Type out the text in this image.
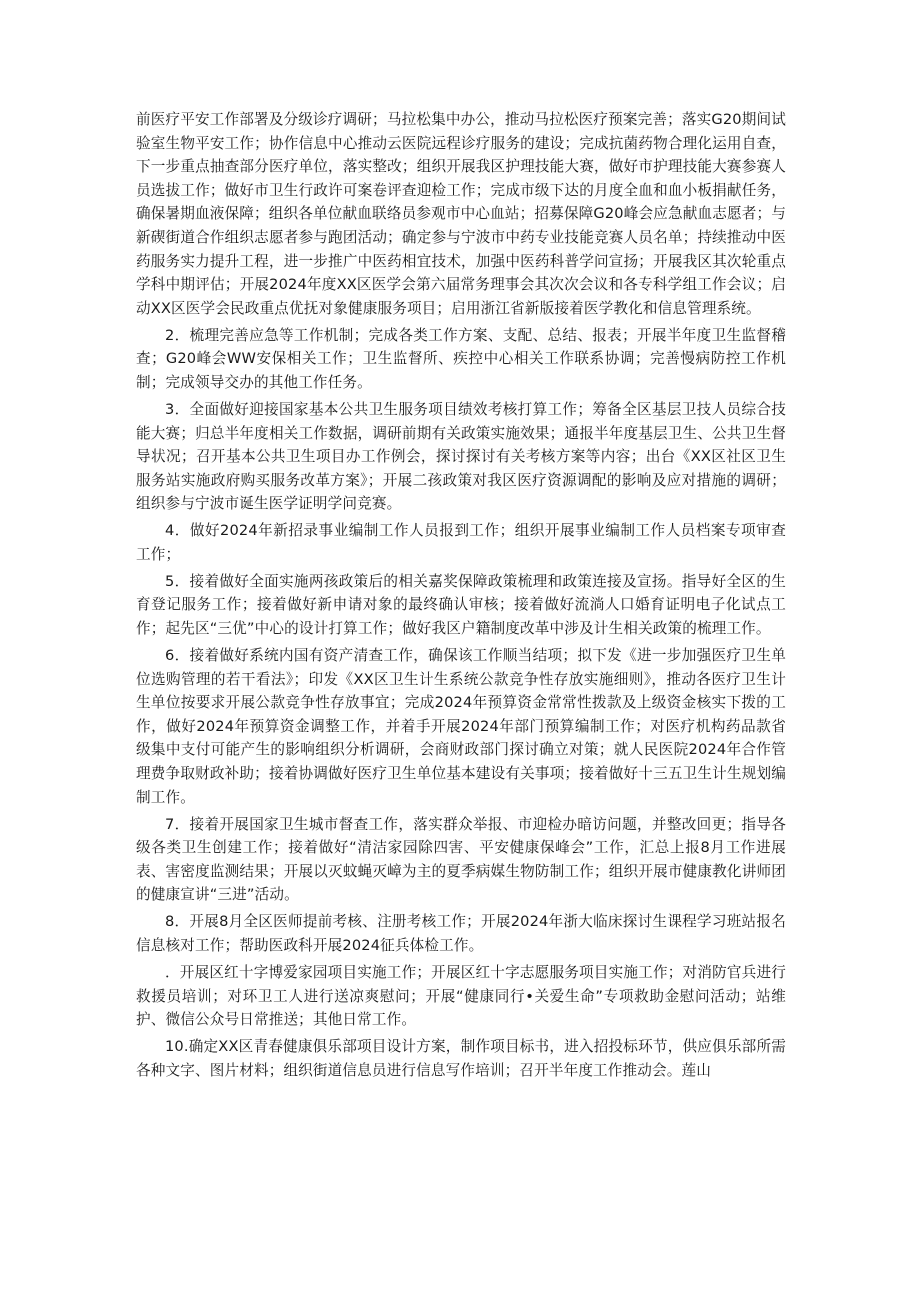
前医疗平安工作部署及分级诊疗调研；马拉松集中办公，推动马拉松医疗预案完善；落实G20期间试验室生物平安工作；协作信息中心推动云医院远程诊疗服务的建设；完成抗菌药物合理化运用自查，下一步重点抽查部分医疗单位，落实整改；组织开展我区护理技能大赛，做好市护理技能大赛参赛人员选拔工作；做好市卫生行政许可案卷评查迎检工作；完成市级下达的月度全血和血小板捐献任务，确保暑期血液保障；组织各单位献血联络员参观市中心血站；招募保障G20峰会应急献血志愿者；与新碶街道合作组织志愿者参与跑团活动；确定参与宁波市中药专业技能竞赛人员名单；持续推动中医药服务实力提升工程，进一步推广中医药相宜技术，加强中医药科普学问宣扬；开展我区其次轮重点学科中期评估；开展2024年度XX区医学会第六届常务理事会其次次会议和各专科学组工作会议；启动XX区医学会民政重点优抚对象健康服务项目；启用浙江省新版接着医学教化和信息管理系统。

2．梳理完善应急等工作机制；完成各类工作方案、支配、总结、报表；开展半年度卫生监督稽查；G20峰会WW安保相关工作；卫生监督所、疾控中心相关工作联系协调；完善慢病防控工作机制；完成领导交办的其他工作任务。

3．全面做好迎接国家基本公共卫生服务项目绩效考核打算工作；筹备全区基层卫技人员综合技能大赛；归总半年度相关工作数据，调研前期有关政策实施效果；通报半年度基层卫生、公共卫生督导状况；召开基本公共卫生项目办工作例会，探讨探讨有关考核方案等内容；出台《XX区社区卫生服务站实施政府购买服务改革方案》；开展二孩政策对我区医疗资源调配的影响及应对措施的调研；组织参与宁波市诞生医学证明学问竞赛。

4．做好2024年新招录事业编制工作人员报到工作；组织开展事业编制工作人员档案专项审查工作；

5．接着做好全面实施两孩政策后的相关嘉奖保障政策梳理和政策连接及宣扬。指导好全区的生育登记服务工作；接着做好新申请对象的最终确认审核；接着做好流淌人口婚育证明电子化试点工作；起先区“三优”中心的设计打算工作；做好我区户籍制度改革中涉及计生相关政策的梳理工作。

6．接着做好系统内国有资产清查工作，确保该工作顺当结项；拟下发《进一步加强医疗卫生单位选购管理的若干看法》；印发《XX区卫生计生系统公款竞争性存放实施细则》，推动各医疗卫生计生单位按要求开展公款竞争性存放事宜；完成2024年预算资金常常性拨款及上级资金核实下拨的工作，做好2024年预算资金调整工作，并着手开展2024年部门预算编制工作；对医疗机构药品款省级集中支付可能产生的影响组织分析调研，会商财政部门探讨确立对策；就人民医院2024年合作管理费争取财政补助；接着协调做好医疗卫生单位基本建设有关事项；接着做好十三五卫生计生规划编制工作。

7．接着开展国家卫生城市督查工作，落实群众举报、市迎检办暗访问题，并整改回更；指导各级各类卫生创建工作；接着做好“清洁家园除四害、平安健康保峰会”工作，汇总上报8月工作进展表、害密度监测结果；开展以灭蚊蝇灭嶂为主的夏季病媒生物防制工作；组织开展市健康教化讲师团的健康宣讲“三进”活动。

8．开展8月全区医师提前考核、注册考核工作；开展2024年浙大临床探讨生课程学习班站报名信息核对工作；帮助医政科开展2024征兵体检工作。

．开展区红十字博爱家园项目实施工作；开展区红十字志愿服务项目实施工作；对消防官兵进行救援员培训；对环卫工人进行送凉爽慰问；开展“健康同行•关爱生命”专项救助金慰问活动；站维护、微信公众号日常推送；其他日常工作。

10.确定XX区青春健康俱乐部项目设计方案，制作项目标书，进入招投标环节，供应俱乐部所需各种文字、图片材料；组织街道信息员进行信息写作培训；召开半年度工作推动会。莲山
